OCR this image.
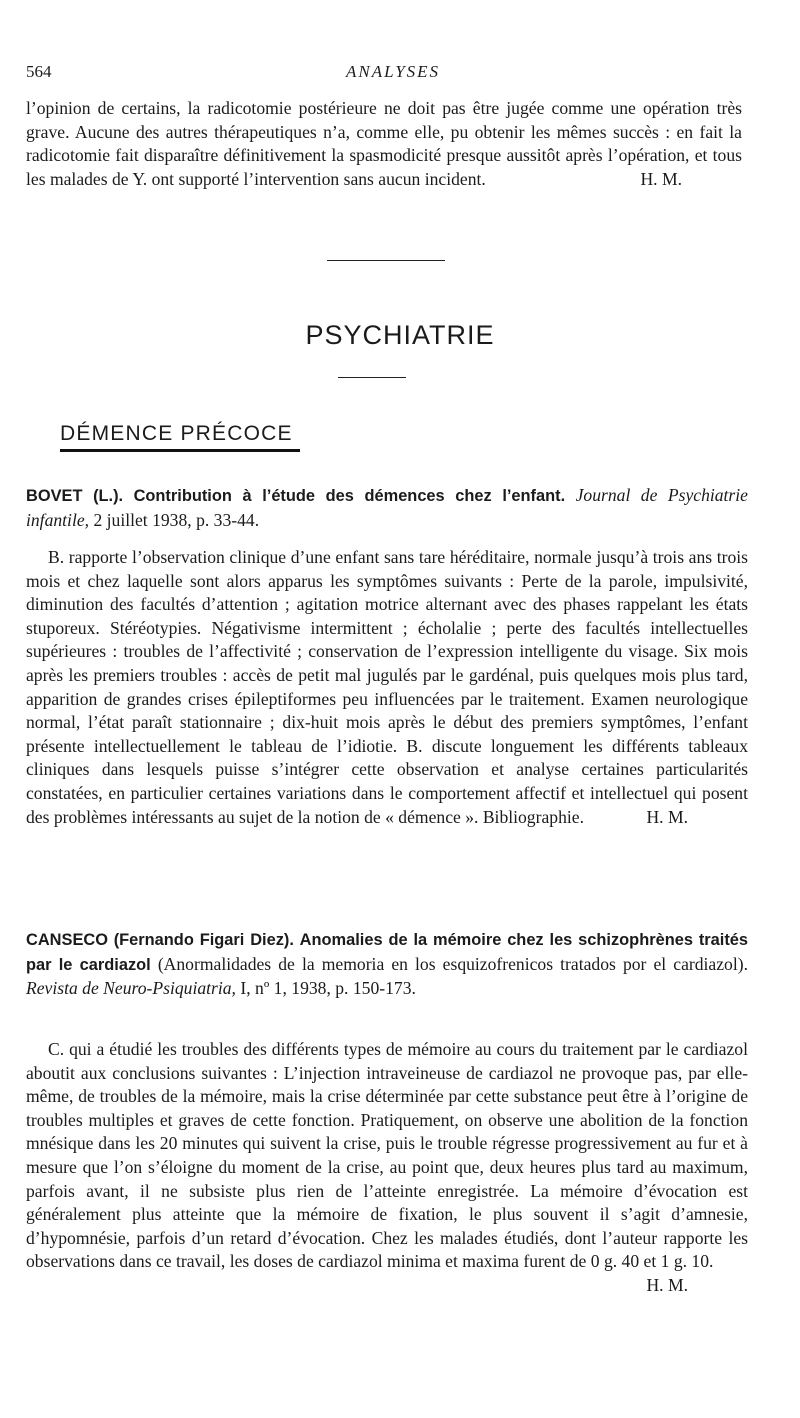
564	ANALYSES

l’opinion de certains, la radicotomie postérieure ne doit pas être jugée comme une opération très grave. Aucune des autres thérapeutiques n’a, comme elle, pu obtenir les mêmes succès : en fait la radicotomie fait disparaître définitivement la spasmodicité presque aussitôt après l’opération, et tous les malades de Y. ont supporté l’intervention sans aucun incident.	H. M.

PSYCHIATRIE
DÉMENCE PRÉCOCE

BOVET (L.). Contribution à l’étude des démences chez l’enfant. Journal de Psychiatrie infantile, 2 juillet 1938, p. 33-44.

B. rapporte l’observation clinique d’une enfant sans tare héréditaire, normale jusqu’à trois ans trois mois et chez laquelle sont alors apparus les symptômes suivants : Perte de la parole, impulsivité, diminution des facultés d’attention ; agitation motrice alternant avec des phases rappelant les états stuporeux. Stéréotypies. Négativisme intermittent ; écholalie ; perte des facultés intellectuelles supérieures : troubles de l’affectivité ; conservation de l’expression intelligente du visage. Six mois après les premiers troubles : accès de petit mal jugulés par le gardénal, puis quelques mois plus tard, apparition de grandes crises épileptiformes peu influencées par le traitement. Examen neurologique normal, l’état paraît stationnaire ; dix-huit mois après le début des premiers symptômes, l’enfant présente intellectuellement le tableau de l’idiotie. B. discute longuement les différents tableaux cliniques dans lesquels puisse s’intégrer cette observation et analyse certaines particularités constatées, en particulier certaines variations dans le comportement affectif et intellectuel qui posent des problèmes intéressants au sujet de la notion de « démence ». Bibliographie.	H. M.

CANSECO (Fernando Figari Diez). Anomalies de la mémoire chez les schizophrènes traités par le cardiazol (Anormalidades de la memoria en los esquizofrenicos tratados por el cardiazol). Revista de Neuro-Psiquiatria, I, nº 1, 1938, p. 150-173.

C. qui a étudié les troubles des différents types de mémoire au cours du traitement par le cardiazol aboutit aux conclusions suivantes : L’injection intraveineuse de cardiazol ne provoque pas, par elle-même, de troubles de la mémoire, mais la crise déterminée par cette substance peut être à l’origine de troubles multiples et graves de cette fonction. Pratiquement, on observe une abolition de la fonction mnésique dans les 20 minutes qui suivent la crise, puis le trouble régresse progressivement au fur et à mesure que l’on s’éloigne du moment de la crise, au point que, deux heures plus tard au maximum, parfois avant, il ne subsiste plus rien de l’atteinte enregistrée. La mémoire d’évocation est généralement plus atteinte que la mémoire de fixation, le plus souvent il s’agit d’amnesie, d’hypomnésie, parfois d’un retard d’évocation. Chez les malades étudiés, dont l’auteur rapporte les observations dans ce travail, les doses de cardiazol minima et maxima furent de 0 g. 40 et 1 g. 10.
H. M.
